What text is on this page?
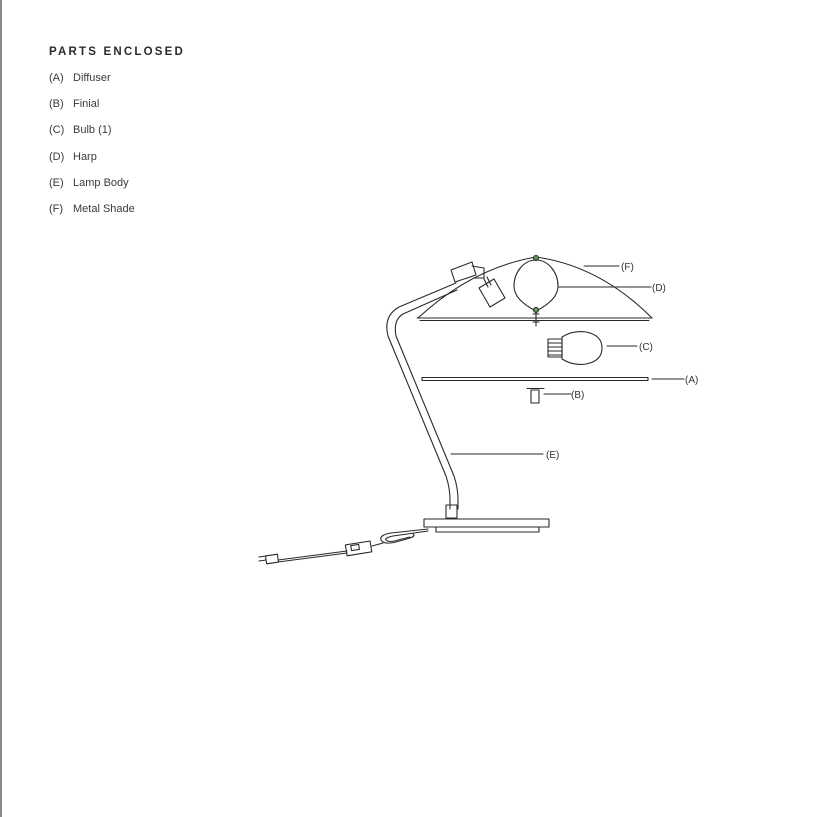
PARTS ENCLOSED
(A) Diffuser
(B) Finial
(C) Bulb (1)
(D) Harp
(E) Lamp Body
(F) Metal Shade
(F)
(D)
(C)
(A)
(B)
(E)
